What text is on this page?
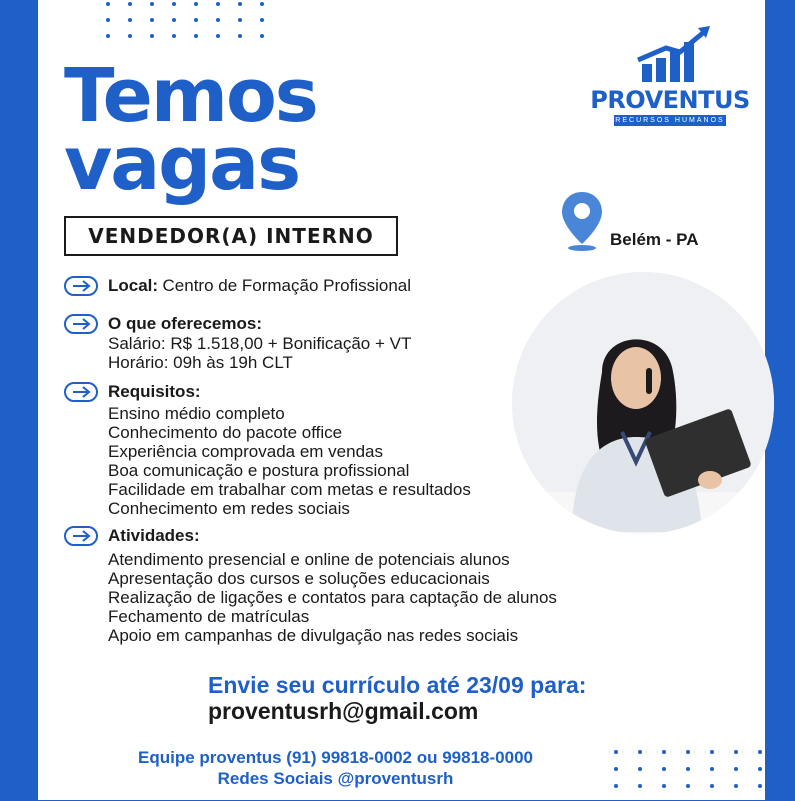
Temos
vagas
VENDEDOR(A) INTERNO
PROVENTUS
RECURSOS HUMANOS
Belém - PA
Local:
Centro de Formação Profissional
O que oferecemos:
Salário: R$ 1.518,00 + Bonificação + VT
Horário: 09h às 19h CLT
Requisitos:
Ensino médio completo
Conhecimento do pacote office
Experiência comprovada em vendas
Boa comunicação e postura profissional
Facilidade em trabalhar com metas e resultados
Conhecimento em redes sociais
Atividades:
Atendimento presencial e online de potenciais alunos
Apresentação dos cursos e soluções educacionais
Realização de ligações e contatos para captação de alunos
Fechamento de matrículas
Apoio em campanhas de divulgação nas redes sociais
Envie seu currículo até 23/09 para:
proventusrh@gmail.com
Equipe proventus (91) 99818-0002 ou 99818-0000
Redes Sociais @proventusrh
